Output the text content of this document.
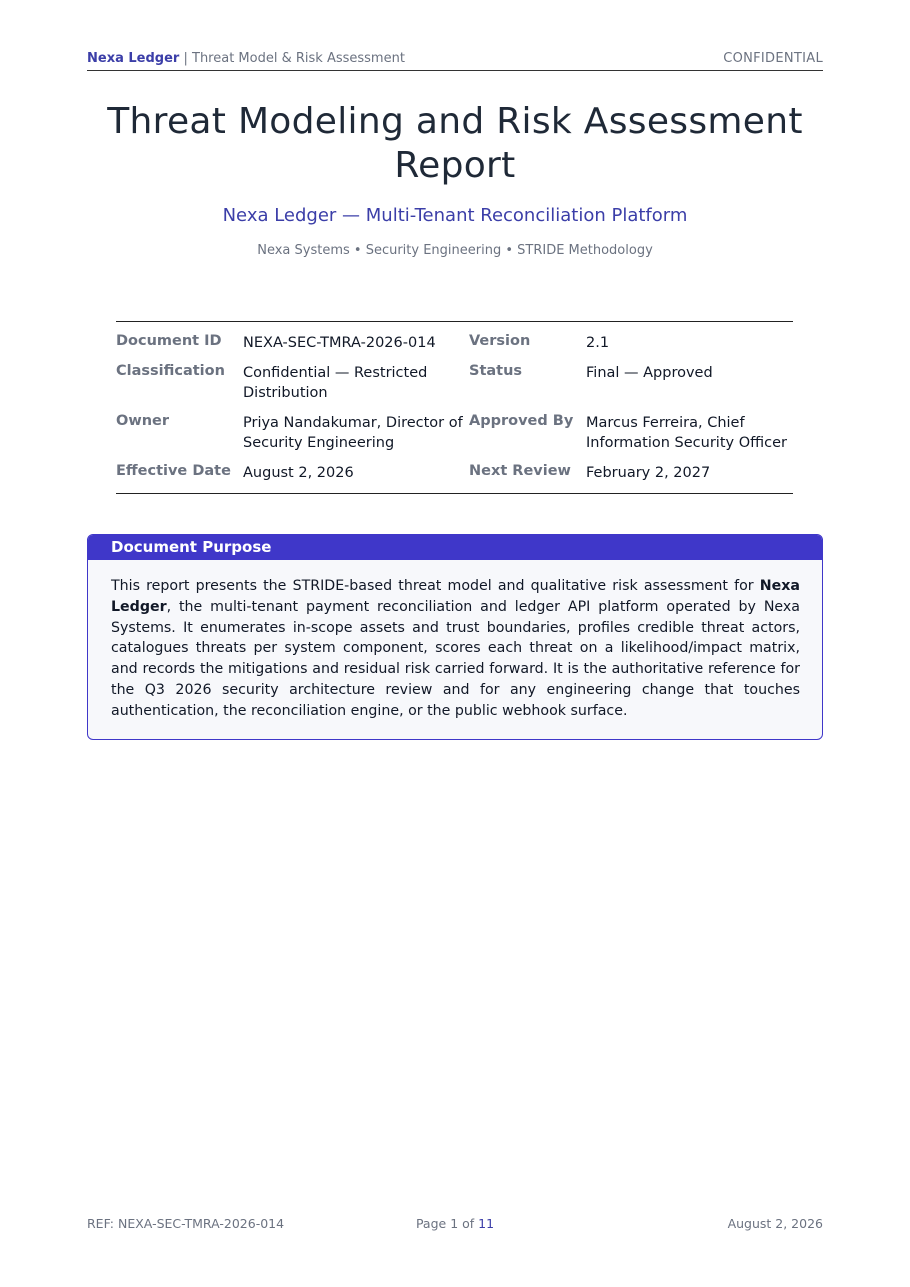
Nexa Ledger | Threat Model & Risk Assessment	CONFIDENTIAL
Threat Modeling and Risk Assessment Report
Nexa Ledger — Multi-Tenant Reconciliation Platform
Nexa Systems • Security Engineering • STRIDE Methodology
Document ID	NEXA-SEC-TMRA-2026-014	Version	2.1
Classification	Confidential — Restricted Distribution	Status	Final — Approved
Owner	Priya Nandakumar, Director of Security Engineering	Approved By	Marcus Ferreira, Chief Information Security Officer
Effective Date	August 2, 2026	Next Review	February 2, 2027
Document Purpose
This report presents the STRIDE-based threat model and qualitative risk assessment for Nexa Ledger, the multi-tenant payment reconciliation and ledger API platform operated by Nexa Systems. It enumerates in-scope assets and trust boundaries, profiles credible threat actors, catalogues threats per system component, scores each threat on a likelihood/impact matrix, and records the mitigations and residual risk carried forward. It is the authoritative reference for the Q3 2026 security architecture review and for any engineering change that touches authentication, the reconciliation engine, or the public webhook surface.
REF: NEXA-SEC-TMRA-2026-014	Page 1 of 11	August 2, 2026
